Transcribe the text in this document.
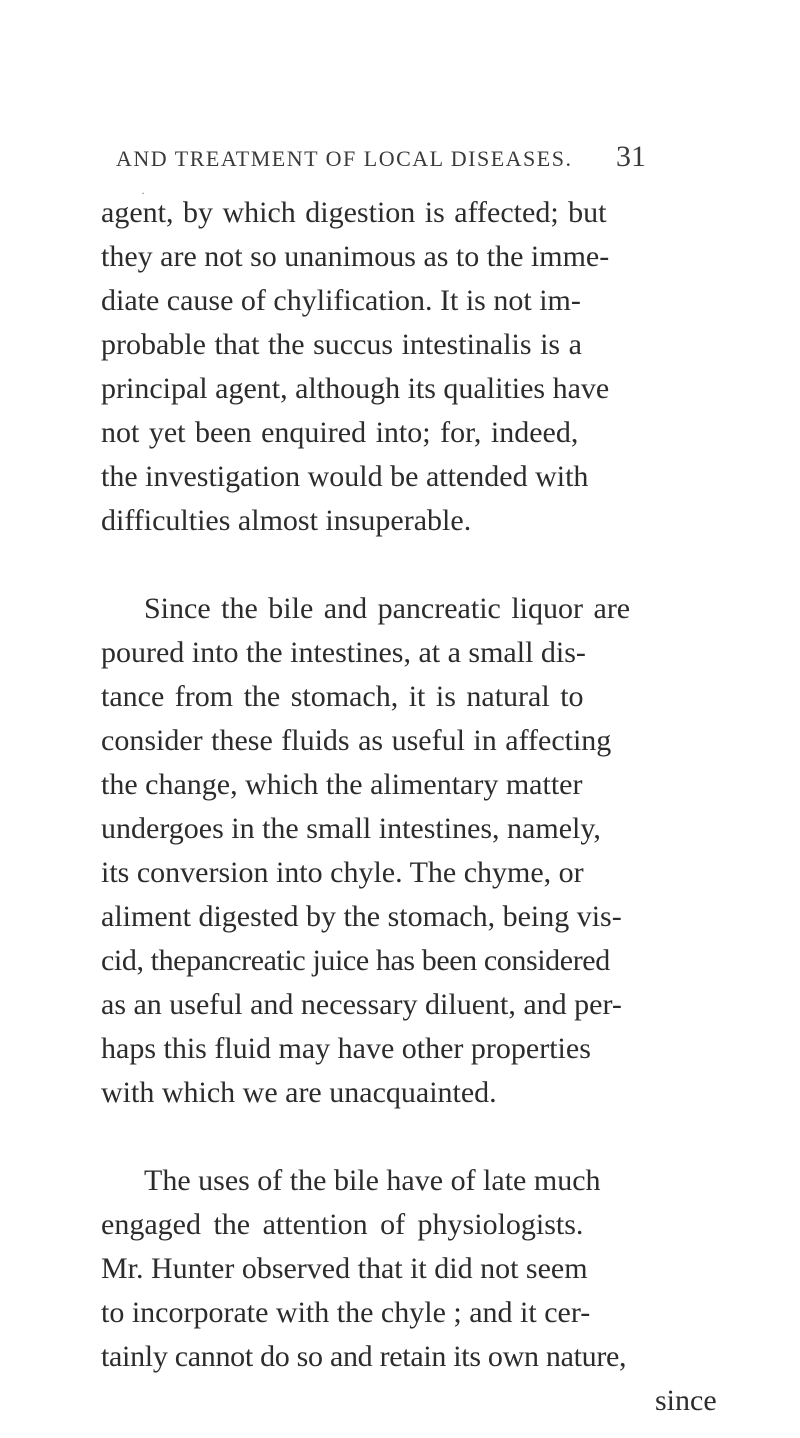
AND TREATMENT OF LOCAL DISEASES. 31
·
agent, by which digestion is affected; but
they are not so unanimous as to the imme-
diate cause of chylification. It is not im-
probable that the succus intestinalis is a
principal agent, although its qualities have
not yet been enquired into; for, indeed,
the investigation would be attended with
difficulties almost insuperable.
Since the bile and pancreatic liquor are
poured into the intestines, at a small dis-
tance from the stomach, it is natural to
consider these fluids as useful in affecting
the change, which the alimentary matter
undergoes in the small intestines, namely,
its conversion into chyle. The chyme, or
aliment digested by the stomach, being vis-
cid, thepancreatic juice has been considered
as an useful and necessary diluent, and per-
haps this fluid may have other properties
with which we are unacquainted.
The uses of the bile have of late much
engaged the attention of physiologists.
Mr. Hunter observed that it did not seem
to incorporate with the chyle ; and it cer-
tainly cannot do so and retain its own nature,
since
